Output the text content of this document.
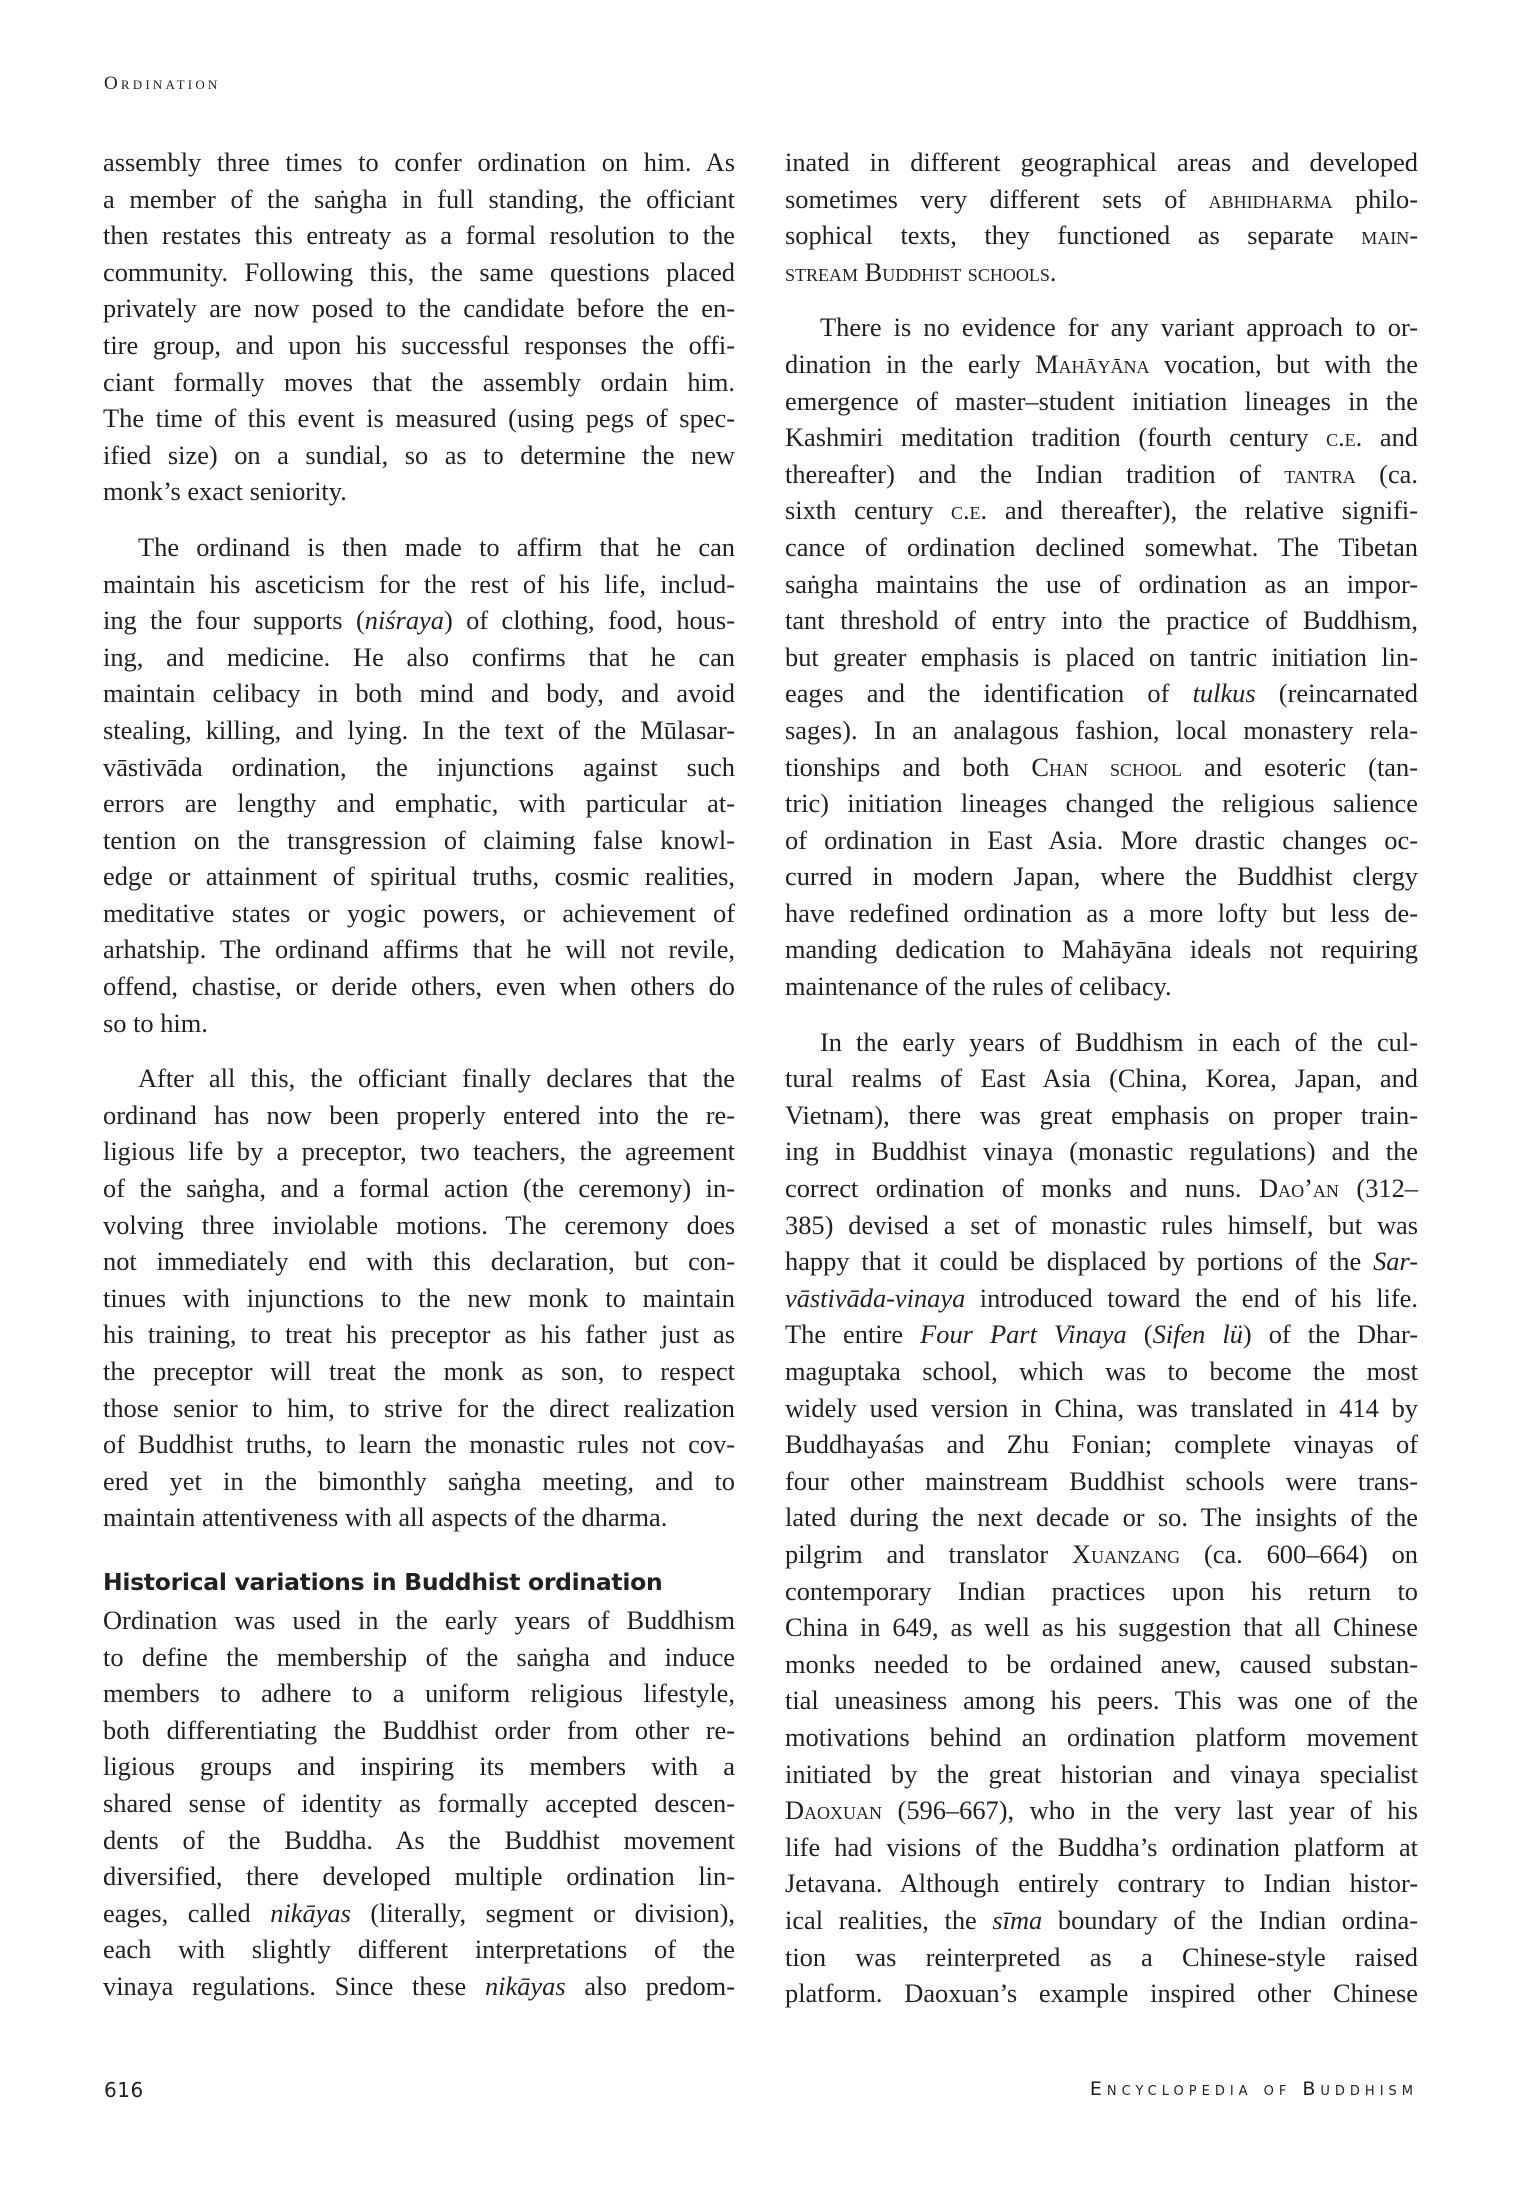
Ordination
assembly three times to confer ordination on him. As
a member of the saṅgha in full standing, the officiant
then restates this entreaty as a formal resolution to the
community. Following this, the same questions placed
privately are now posed to the candidate before the en-
tire group, and upon his successful responses the offi-
ciant formally moves that the assembly ordain him.
The time of this event is measured (using pegs of spec-
ified size) on a sundial, so as to determine the new
monk’s exact seniority.
The ordinand is then made to affirm that he can
maintain his asceticism for the rest of his life, includ-
ing the four supports (niśraya) of clothing, food, hous-
ing, and medicine. He also confirms that he can
maintain celibacy in both mind and body, and avoid
stealing, killing, and lying. In the text of the Mūlasar-
vāstivāda ordination, the injunctions against such
errors are lengthy and emphatic, with particular at-
tention on the transgression of claiming false knowl-
edge or attainment of spiritual truths, cosmic realities,
meditative states or yogic powers, or achievement of
arhatship. The ordinand affirms that he will not revile,
offend, chastise, or deride others, even when others do
so to him.
After all this, the officiant finally declares that the
ordinand has now been properly entered into the re-
ligious life by a preceptor, two teachers, the agreement
of the saṅgha, and a formal action (the ceremony) in-
volving three inviolable motions. The ceremony does
not immediately end with this declaration, but con-
tinues with injunctions to the new monk to maintain
his training, to treat his preceptor as his father just as
the preceptor will treat the monk as son, to respect
those senior to him, to strive for the direct realization
of Buddhist truths, to learn the monastic rules not cov-
ered yet in the bimonthly saṅgha meeting, and to
maintain attentiveness with all aspects of the dharma.
Historical variations in Buddhist ordination
Ordination was used in the early years of Buddhism
to define the membership of the saṅgha and induce
members to adhere to a uniform religious lifestyle,
both differentiating the Buddhist order from other re-
ligious groups and inspiring its members with a
shared sense of identity as formally accepted descen-
dents of the Buddha. As the Buddhist movement
diversified, there developed multiple ordination lin-
eages, called nikāyas (literally, segment or division),
each with slightly different interpretations of the
vinaya regulations. Since these nikāyas also predom-
inated in different geographical areas and developed
sometimes very different sets of abhidharma philo-
sophical texts, they functioned as separate main-
stream Buddhist schools.
There is no evidence for any variant approach to or-
dination in the early Mahāyāna vocation, but with the
emergence of master–student initiation lineages in the
Kashmiri meditation tradition (fourth century c.e. and
thereafter) and the Indian tradition of tantra (ca.
sixth century c.e. and thereafter), the relative signifi-
cance of ordination declined somewhat. The Tibetan
saṅgha maintains the use of ordination as an impor-
tant threshold of entry into the practice of Buddhism,
but greater emphasis is placed on tantric initiation lin-
eages and the identification of tulkus (reincarnated
sages). In an analagous fashion, local monastery rela-
tionships and both Chan school and esoteric (tan-
tric) initiation lineages changed the religious salience
of ordination in East Asia. More drastic changes oc-
curred in modern Japan, where the Buddhist clergy
have redefined ordination as a more lofty but less de-
manding dedication to Mahāyāna ideals not requiring
maintenance of the rules of celibacy.
In the early years of Buddhism in each of the cul-
tural realms of East Asia (China, Korea, Japan, and
Vietnam), there was great emphasis on proper train-
ing in Buddhist vinaya (monastic regulations) and the
correct ordination of monks and nuns. Dao’an (312–
385) devised a set of monastic rules himself, but was
happy that it could be displaced by portions of the Sar-
vāstivāda-vinaya introduced toward the end of his life.
The entire Four Part Vinaya (Sifen lü) of the Dhar-
maguptaka school, which was to become the most
widely used version in China, was translated in 414 by
Buddhayaśas and Zhu Fonian; complete vinayas of
four other mainstream Buddhist schools were trans-
lated during the next decade or so. The insights of the
pilgrim and translator Xuanzang (ca. 600–664) on
contemporary Indian practices upon his return to
China in 649, as well as his suggestion that all Chinese
monks needed to be ordained anew, caused substan-
tial uneasiness among his peers. This was one of the
motivations behind an ordination platform movement
initiated by the great historian and vinaya specialist
Daoxuan (596–667), who in the very last year of his
life had visions of the Buddha’s ordination platform at
Jetavana. Although entirely contrary to Indian histor-
ical realities, the sīma boundary of the Indian ordina-
tion was reinterpreted as a Chinese-style raised
platform. Daoxuan’s example inspired other Chinese
616	Encyclopedia of Buddhism
